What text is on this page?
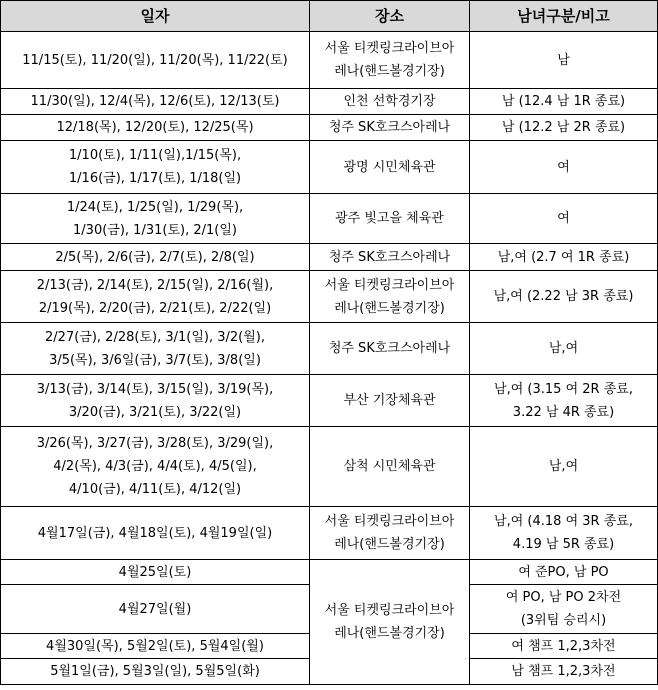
일자	장소	남녀구분/비고

11/15(토), 11/20(일), 11/20(목), 11/22(토)	서울 티켓링크라이브아
레나(핸드볼경기장)	남

11/30(일), 12/4(목), 12/6(토), 12/13(토)	인천 선학경기장	남 (12.4 남 1R 종료)

12/18(목), 12/20(토), 12/25(목)	청주 SK호크스아레나	남 (12.2 남 2R 종료)

1/10(토), 1/11(일),1/15(목),
1/16(금), 1/17(토), 1/18(일)	광명 시민체육관	여

1/24(토), 1/25(일), 1/29(목),
1/30(금), 1/31(토), 2/1(일)	광주 빛고을 체육관	여

2/5(목), 2/6(금), 2/7(토), 2/8(일)	청주 SK호크스아레나	남,여 (2.7 여 1R 종료)

2/13(금), 2/14(토), 2/15(일), 2/16(월),
2/19(목), 2/20(금), 2/21(토), 2/22(일)	서울 티켓링크라이브아
레나(핸드볼경기장)	남,여 (2.22 남 3R 종료)

2/27(금), 2/28(토), 3/1(일), 3/2(월),
3/5(목), 3/6일(금), 3/7(토), 3/8(일)	청주 SK호크스아레나	남,여

3/13(금), 3/14(토), 3/15(일), 3/19(목),
3/20(금), 3/21(토), 3/22(일)	부산 기장체육관	남,여 (3.15 여 2R 종료,
3.22 남 4R 종료)

3/26(목), 3/27(금), 3/28(토), 3/29(일),
4/2(목), 4/3(금), 4/4(토), 4/5(일),
4/10(금), 4/11(토), 4/12(일)	삼척 시민체육관	남,여

4월17일(금), 4월18일(토), 4월19일(일)	서울 티켓링크라이브아
레나(핸드볼경기장)	남,여 (4.18 여 3R 종료,
4.19 남 5R 종료)

4월25일(토)	서울 티켓링크라이브아
레나(핸드볼경기장)	여 준PO, 남 PO

4월27일(월)		여 PO, 남 PO 2차전
(3위팀 승리시)

4월30일(목), 5월2일(토), 5월4일(월)		여 챔프 1,2,3차전

5월1일(금), 5월3일(일), 5월5일(화)		남 챔프 1,2,3차전
